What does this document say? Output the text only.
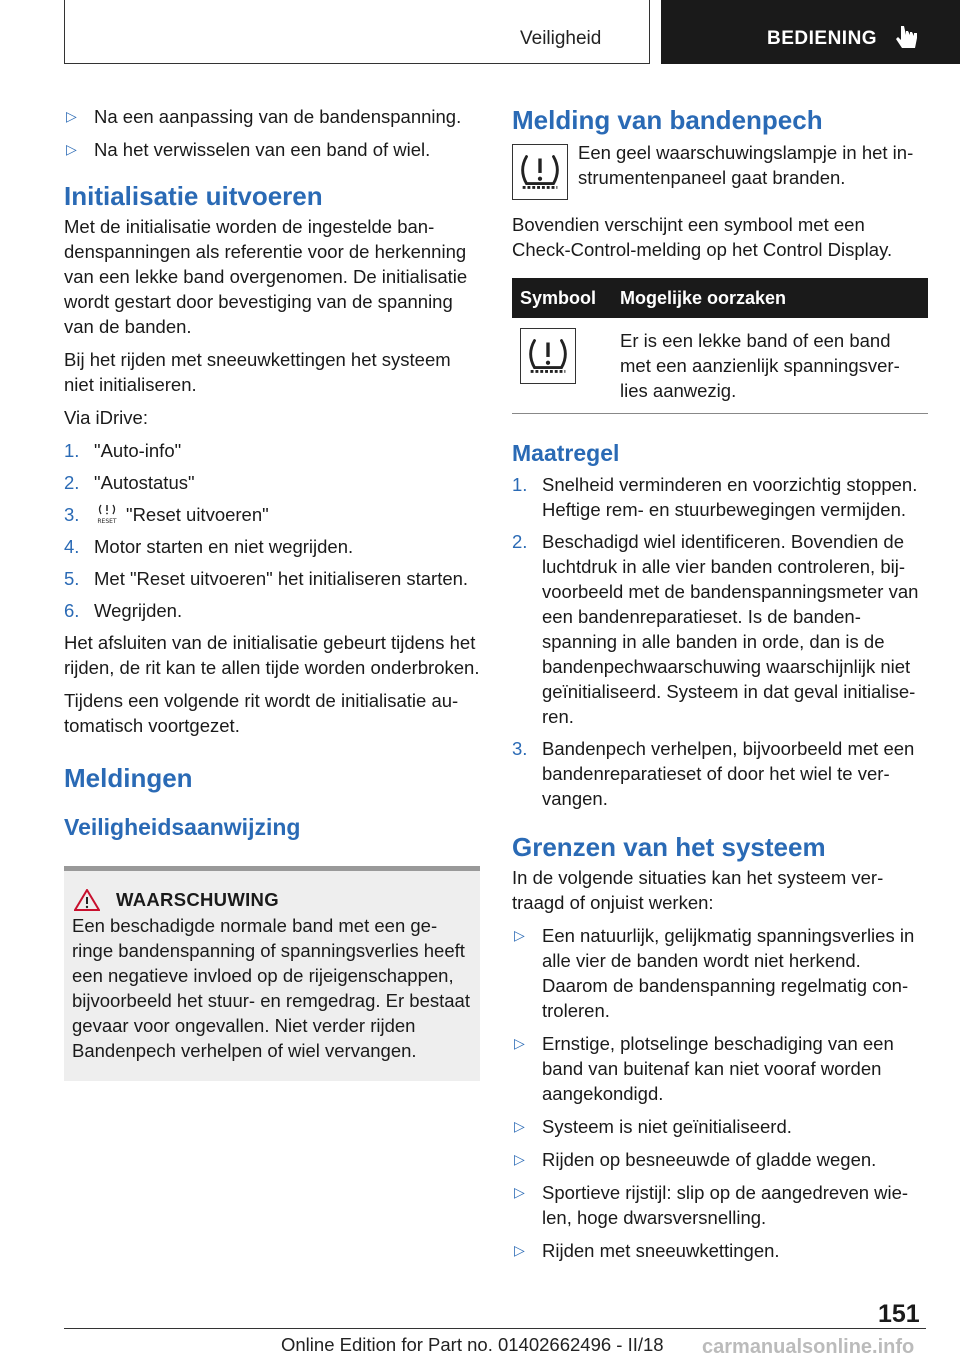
Veiligheid	BEDIENING
▷ Na een aanpassing van de bandenspanning.
▷ Na het verwisselen van een band of wiel.
Initialisatie uitvoeren

Met de initialisatie worden de ingestelde bandenspanningen als referentie voor de herkenning van een lekke band overgenomen. De initialisatie wordt gestart door bevestiging van de spanning van de banden.

Bij het rijden met sneeuwkettingen het systeem niet initialiseren.

Via iDrive:

1. "Auto-info"
2. "Autostatus"
3.	RESET "Reset uitvoeren"
4. Motor starten en niet wegrijden.
5. Met "Reset uitvoeren" het initialiseren starten.
6. Wegrijden.

Het afsluiten van de initialisatie gebeurt tijdens het rijden, de rit kan te allen tijde worden onderbroken.

Tijdens een volgende rit wordt de initialisatie automatisch voortgezet.

Meldingen
Veiligheidsaanwijzing
WAARSCHUWING

Een beschadigde normale band met een geringe bandenspanning of spanningsverlies heeft een negatieve invloed op de rijeigenschappen, bijvoorbeeld het stuur- en remgedrag. Er bestaat gevaar voor ongevallen. Niet verder rijden Bandenpech verhelpen of wiel vervangen.

Melding van bandenpech

Een geel waarschuwingslampje in het instrumentenpaneel gaat branden.

Bovendien verschijnt een symbool met een Check-Control-melding op het Control Display.

Symbool	Mogelijke oorzaken
	Er is een lekke band of een band met een aanzienlijk spanningsverlies aanwezig.
Maatregel
1. Snelheid verminderen en voorzichtig stoppen. Heftige rem- en stuurbewegingen vermijden.
2. Beschadigd wiel identificeren. Bovendien de luchtdruk in alle vier banden controleren, bijvoorbeeld met de bandenspanningsmeter van een bandenreparatieset. Is de bandenspanning in alle banden in orde, dan is de bandenpechwaarschuwing waarschijnlijk niet geïnitialiseerd. Systeem in dat geval initialiseren.
3. Bandenpech verhelpen, bijvoorbeeld met een bandenreparatieset of door het wiel te vervangen.
Grenzen van het systeem

In de volgende situaties kan het systeem vertraagd of onjuist werken:

▷ Een natuurlijk, gelijkmatig spanningsverlies in alle vier de banden wordt niet herkend. Daarom de bandenspanning regelmatig controleren.
▷ Ernstige, plotselinge beschadiging van een band van buitenaf kan niet vooraf worden aangekondigd.
▷ Systeem is niet geïnitialiseerd.
▷ Rijden op besneeuwde of gladde wegen.
▷ Sportieve rijstijl: slip op de aangedreven wielen, hoge dwarsversnelling.
▷ Rijden met sneeuwkettingen.
151
Online Edition for Part no. 01402662496 - II/18 carmanualsonline.info
